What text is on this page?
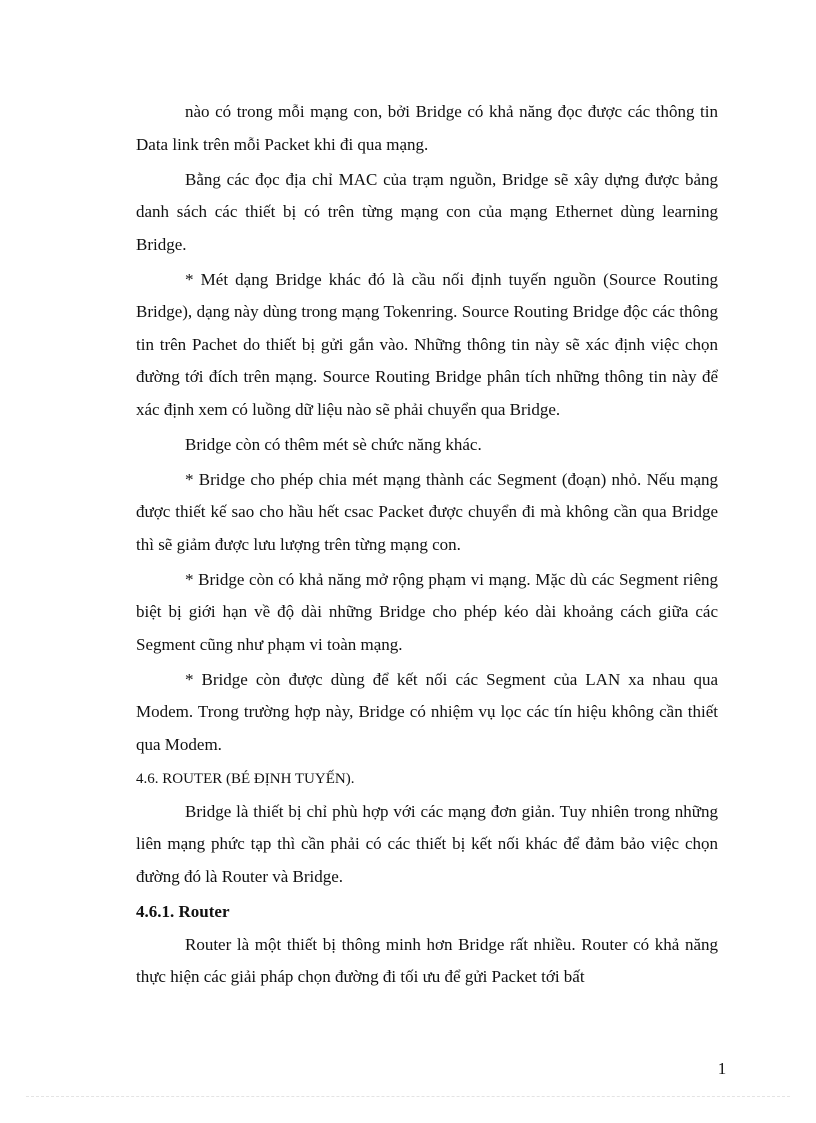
nào có trong mỗi mạng con, bởi Bridge có khả năng đọc được các thông tin Data link trên mỗi Packet khi đi qua mạng.

Bằng các đọc địa chỉ MAC của trạm nguồn, Bridge sẽ xây dựng được bảng danh sách các thiết bị có trên từng mạng con của mạng Ethernet dùng learning Bridge.

* Mét dạng Bridge khác đó là cầu nối định tuyến nguồn (Source Routing Bridge), dạng này dùng trong mạng Tokenring. Source Routing Bridge độc các thông tin trên Pachet do thiết bị gửi gắn vào. Những thông tin này sẽ xác định việc chọn đường tới đích trên mạng. Source Routing Bridge phân tích những thông tin này để xác định xem có luồng dữ liệu nào sẽ phải chuyển qua Bridge.

Bridge còn có thêm mét sè chức năng khác.

* Bridge cho phép chia mét mạng thành các Segment (đoạn) nhỏ. Nếu mạng được thiết kế sao cho hầu hết csac Packet được chuyển đi mà không cần qua Bridge thì sẽ giảm được lưu lượng trên từng mạng con.

* Bridge còn có khả năng mở rộng phạm vi mạng. Mặc dù các Segment riêng biệt bị giới hạn về độ dài những Bridge cho phép kéo dài khoảng cách giữa các Segment cũng như phạm vi toàn mạng.

* Bridge còn được dùng để kết nối các Segment của LAN xa nhau qua Modem. Trong trường hợp này, Bridge có nhiệm vụ lọc các tín hiệu không cần thiết qua Modem.

4.6. ROUTER (BÉ ĐỊNH TUYẾN).

Bridge là thiết bị chỉ phù hợp với các mạng đơn giản. Tuy nhiên trong những liên mạng phức tạp thì cần phải có các thiết bị kết nối khác để đảm bảo việc chọn đường đó là Router và Bridge.

4.6.1. Router

Router là một thiết bị thông minh hơn Bridge rất nhiều. Router có khả năng thực hiện các giải pháp chọn đường đi tối ưu để gửi Packet tới bất

1
